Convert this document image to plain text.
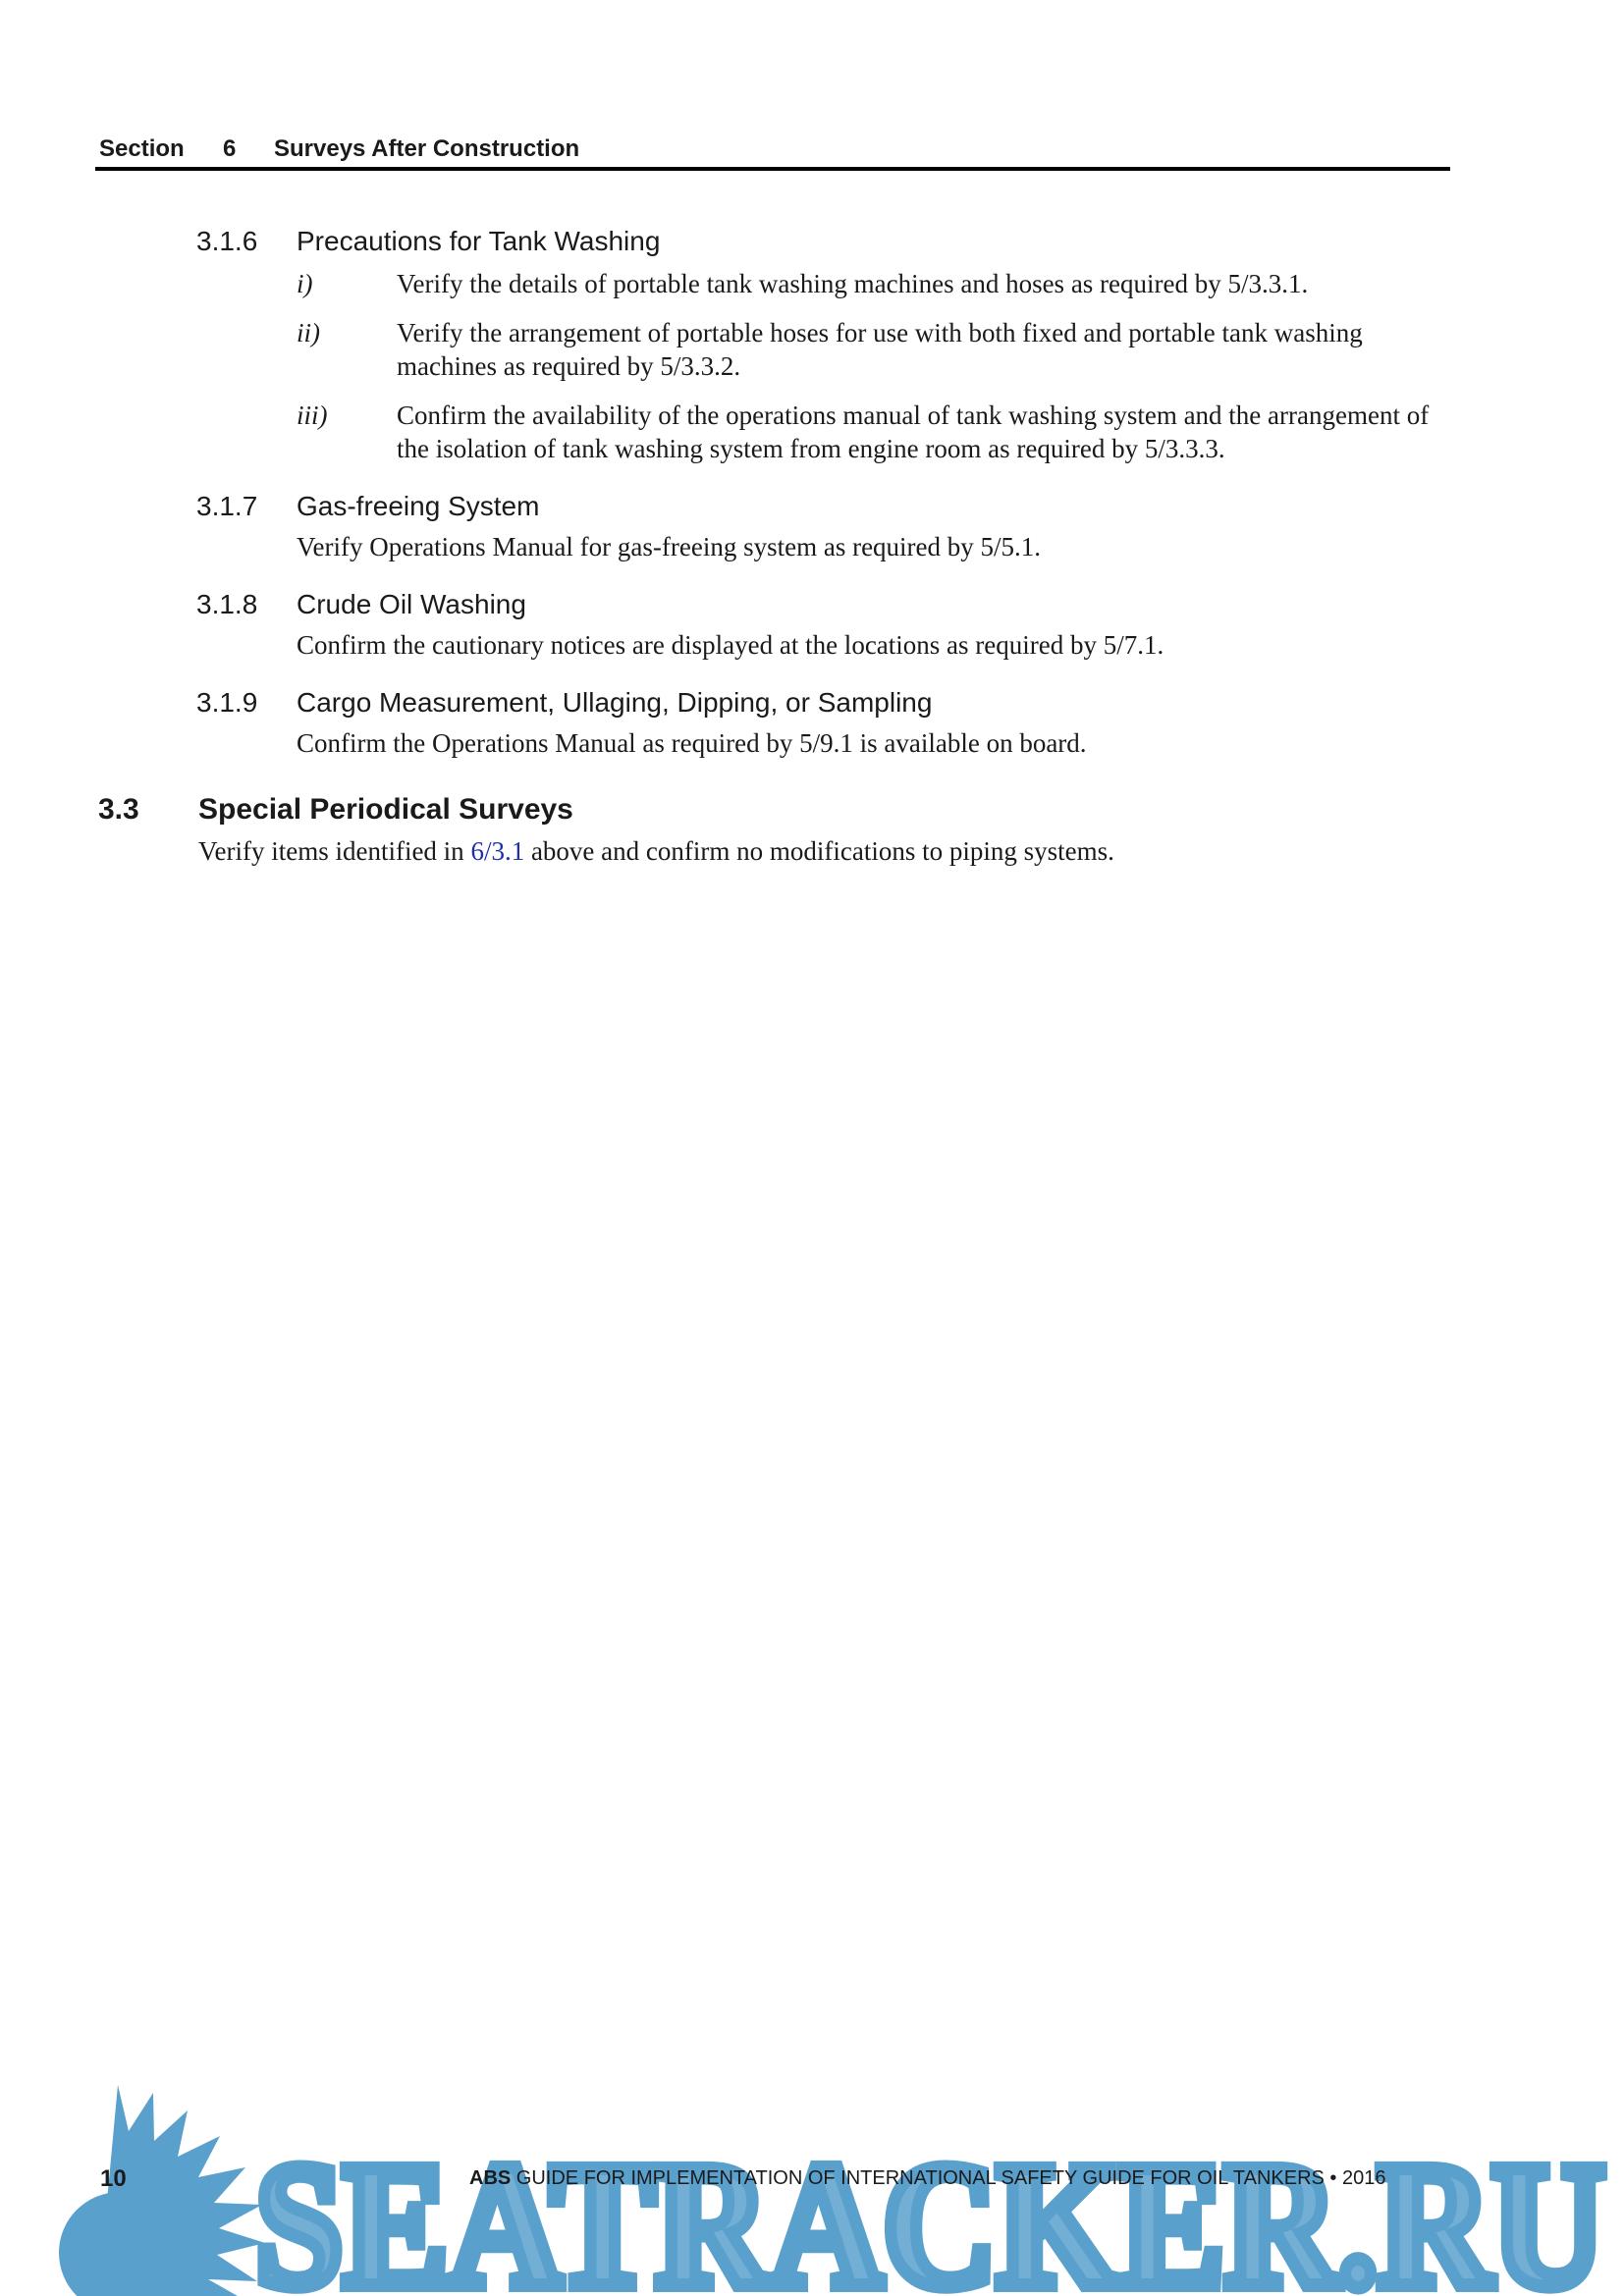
Section 6 Surveys After Construction
3.1.6 Precautions for Tank Washing
i)	Verify the details of portable tank washing machines and hoses as required by 5/3.3.1.
ii)	Verify the arrangement of portable hoses for use with both fixed and portable tank washing machines as required by 5/3.3.2.
iii)	Confirm the availability of the operations manual of tank washing system and the arrangement of the isolation of tank washing system from engine room as required by 5/3.3.3.
3.1.7 Gas-freeing System
Verify Operations Manual for gas-freeing system as required by 5/5.1.
3.1.8 Crude Oil Washing
Confirm the cautionary notices are displayed at the locations as required by 5/7.1.
3.1.9 Cargo Measurement, Ullaging, Dipping, or Sampling
Confirm the Operations Manual as required by 5/9.1 is available on board.
3.3 Special Periodical Surveys
Verify items identified in 6/3.1 above and confirm no modifications to piping systems.
SEATRACKER.RU
SEATRACKER.RU
10	ABS GUIDE FOR IMPLEMENTATION OF INTERNATIONAL SAFETY GUIDE FOR OIL TANKERS • 2016
